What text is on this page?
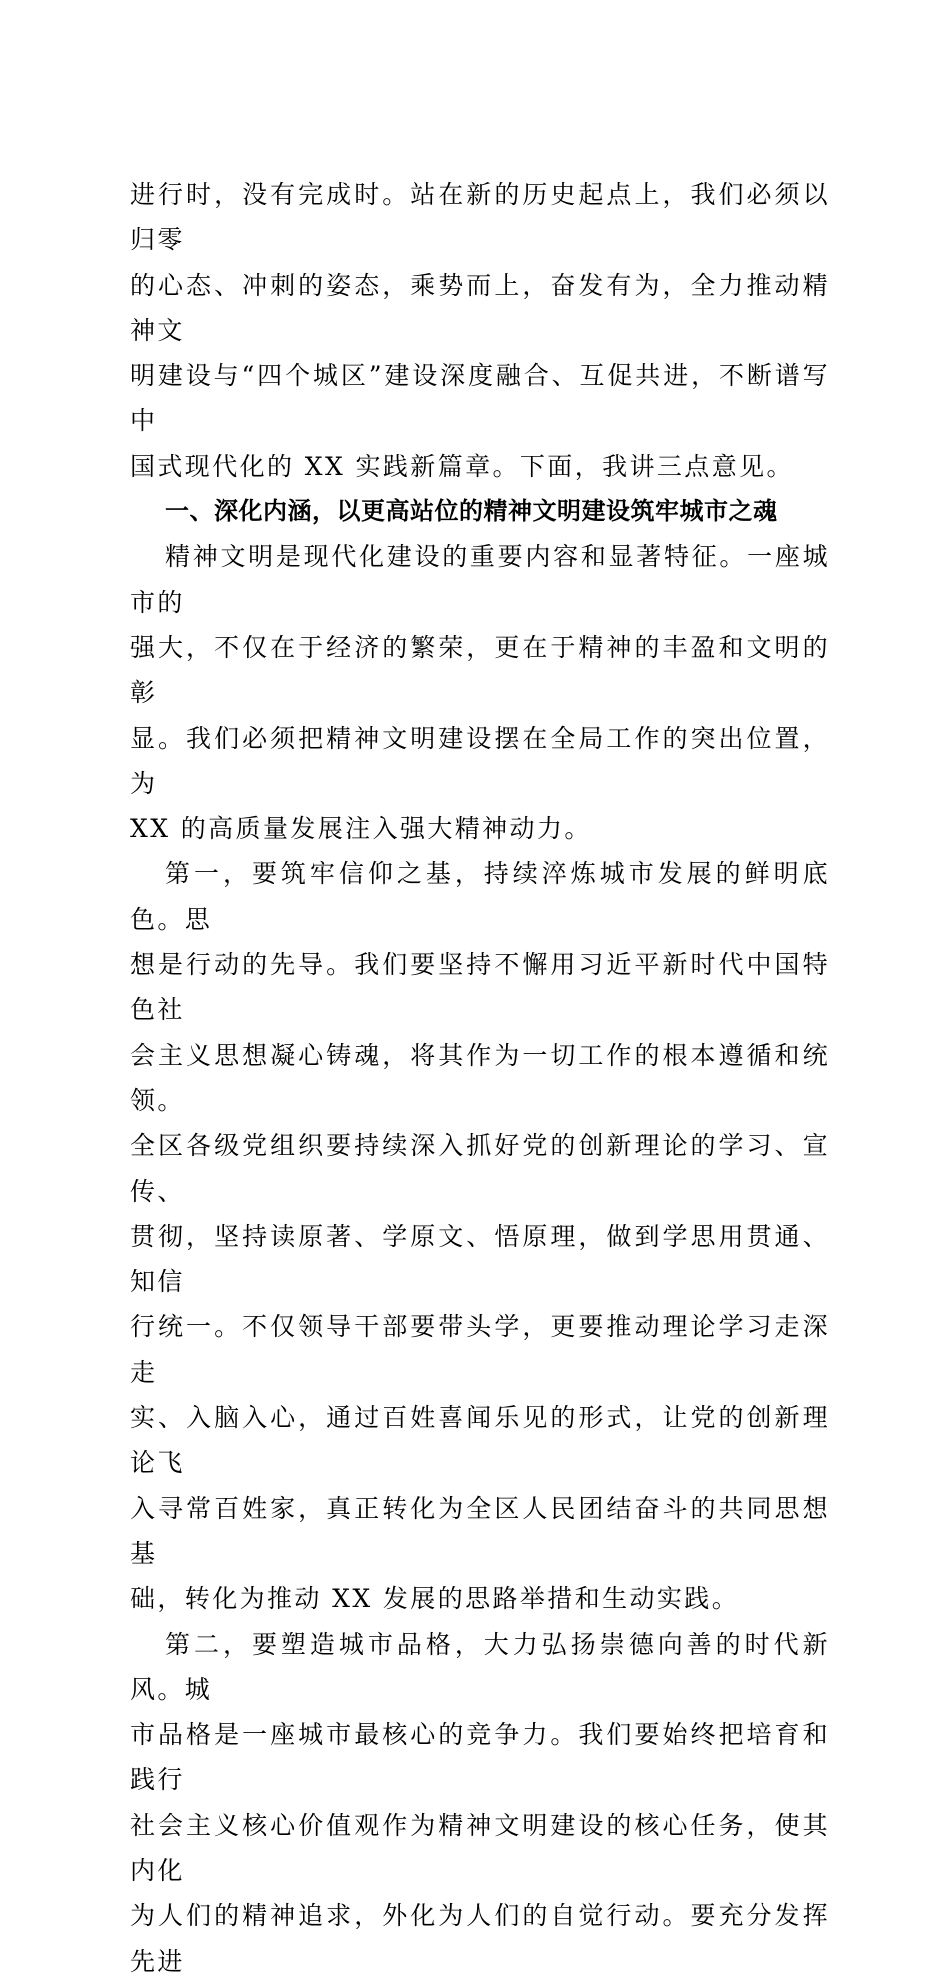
进行时，没有完成时。站在新的历史起点上，我们必须以归零
的心态、冲刺的姿态，乘势而上，奋发有为，全力推动精神文
明建设与“四个城区”建设深度融合、互促共进，不断谱写中
国式现代化的 XX 实践新篇章。下面，我讲三点意见。
一、深化内涵，以更高站位的精神文明建设筑牢城市之魂
精神文明是现代化建设的重要内容和显著特征。一座城市的
强大，不仅在于经济的繁荣，更在于精神的丰盈和文明的彰
显。我们必须把精神文明建设摆在全局工作的突出位置，为
XX 的高质量发展注入强大精神动力。
第一，要筑牢信仰之基，持续淬炼城市发展的鲜明底色。思
想是行动的先导。我们要坚持不懈用习近平新时代中国特色社
会主义思想凝心铸魂，将其作为一切工作的根本遵循和统领。
全区各级党组织要持续深入抓好党的创新理论的学习、宣传、
贯彻，坚持读原著、学原文、悟原理，做到学思用贯通、知信
行统一。不仅领导干部要带头学，更要推动理论学习走深走
实、入脑入心，通过百姓喜闻乐见的形式，让党的创新理论飞
入寻常百姓家，真正转化为全区人民团结奋斗的共同思想基
础，转化为推动 XX 发展的思路举措和生动实践。
第二，要塑造城市品格，大力弘扬崇德向善的时代新风。城
市品格是一座城市最核心的竞争力。我们要始终把培育和践行
社会主义核心价值观作为精神文明建设的核心任务，使其内化
为人们的精神追求，外化为人们的自觉行动。要充分发挥先进
